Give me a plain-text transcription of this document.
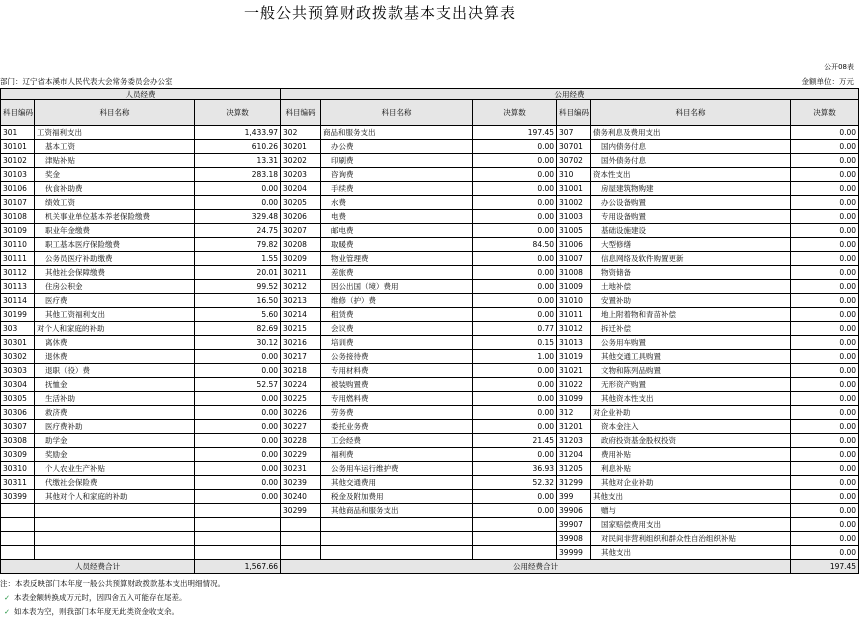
一般公共预算财政拨款基本支出决算表
公开08表
部门：辽宁省本溪市人民代表大会常务委员会办公室	金额单位：万元
人员经费			公用经费					
科目编码	科目名称	决算数	科目编码	科目名称	决算数	科目编码	科目名称	决算数
301	工资福利支出	1,433.97	302	商品和服务支出	197.45	307	债务利息及费用支出	0.00
30101	基本工资	610.26	30201	办公费	0.00	30701	国内债务付息	0.00
30102	津贴补贴	13.31	30202	印刷费	0.00	30702	国外债务付息	0.00
30103	奖金	283.18	30203	咨询费	0.00	310	资本性支出	0.00
30106	伙食补助费	0.00	30204	手续费	0.00	31001	房屋建筑物购建	0.00
30107	绩效工资	0.00	30205	水费	0.00	31002	办公设备购置	0.00
30108	机关事业单位基本养老保险缴费	329.48	30206	电费	0.00	31003	专用设备购置	0.00
30109	职业年金缴费	24.75	30207	邮电费	0.00	31005	基础设施建设	0.00
30110	职工基本医疗保险缴费	79.82	30208	取暖费	84.50	31006	大型修缮	0.00
30111	公务员医疗补助缴费	1.55	30209	物业管理费	0.00	31007	信息网络及软件购置更新	0.00
30112	其他社会保障缴费	20.01	30211	差旅费	0.00	31008	物资储备	0.00
30113	住房公积金	99.52	30212	因公出国（境）费用	0.00	31009	土地补偿	0.00
30114	医疗费	16.50	30213	维修（护）费	0.00	31010	安置补助	0.00
30199	其他工资福利支出	5.60	30214	租赁费	0.00	31011	地上附着物和青苗补偿	0.00
303	对个人和家庭的补助	82.69	30215	会议费	0.77	31012	拆迁补偿	0.00
30301	离休费	30.12	30216	培训费	0.15	31013	公务用车购置	0.00
30302	退休费	0.00	30217	公务接待费	1.00	31019	其他交通工具购置	0.00
30303	退职（役）费	0.00	30218	专用材料费	0.00	31021	文物和陈列品购置	0.00
30304	抚恤金	52.57	30224	被装购置费	0.00	31022	无形资产购置	0.00
30305	生活补助	0.00	30225	专用燃料费	0.00	31099	其他资本性支出	0.00
30306	救济费	0.00	30226	劳务费	0.00	312	对企业补助	0.00
30307	医疗费补助	0.00	30227	委托业务费	0.00	31201	资本金注入	0.00
30308	助学金	0.00	30228	工会经费	21.45	31203	政府投资基金股权投资	0.00
30309	奖励金	0.00	30229	福利费	0.00	31204	费用补贴	0.00
30310	个人农业生产补贴	0.00	30231	公务用车运行维护费	36.93	31205	利息补贴	0.00
30311	代缴社会保险费	0.00	30239	其他交通费用	52.32	31299	其他对企业补助	0.00
30399	其他对个人和家庭的补助	0.00	30240	税金及附加费用	0.00	399	其他支出	0.00
			30299	其他商品和服务支出	0.00	39906	赠与	0.00
						39907	国家赔偿费用支出	0.00
						39908	对民间非营利组织和群众性自治组织补贴	0.00
						39999	其他支出	0.00
人员经费合计		1,567.66	公用经费合计					197.45
注：本表反映部门本年度一般公共预算财政拨款基本支出明细情况。
✓ 本表金额转换成万元时，因四舍五入可能存在尾差。
✓ 如本表为空，则我部门本年度无此类资金收支余。
